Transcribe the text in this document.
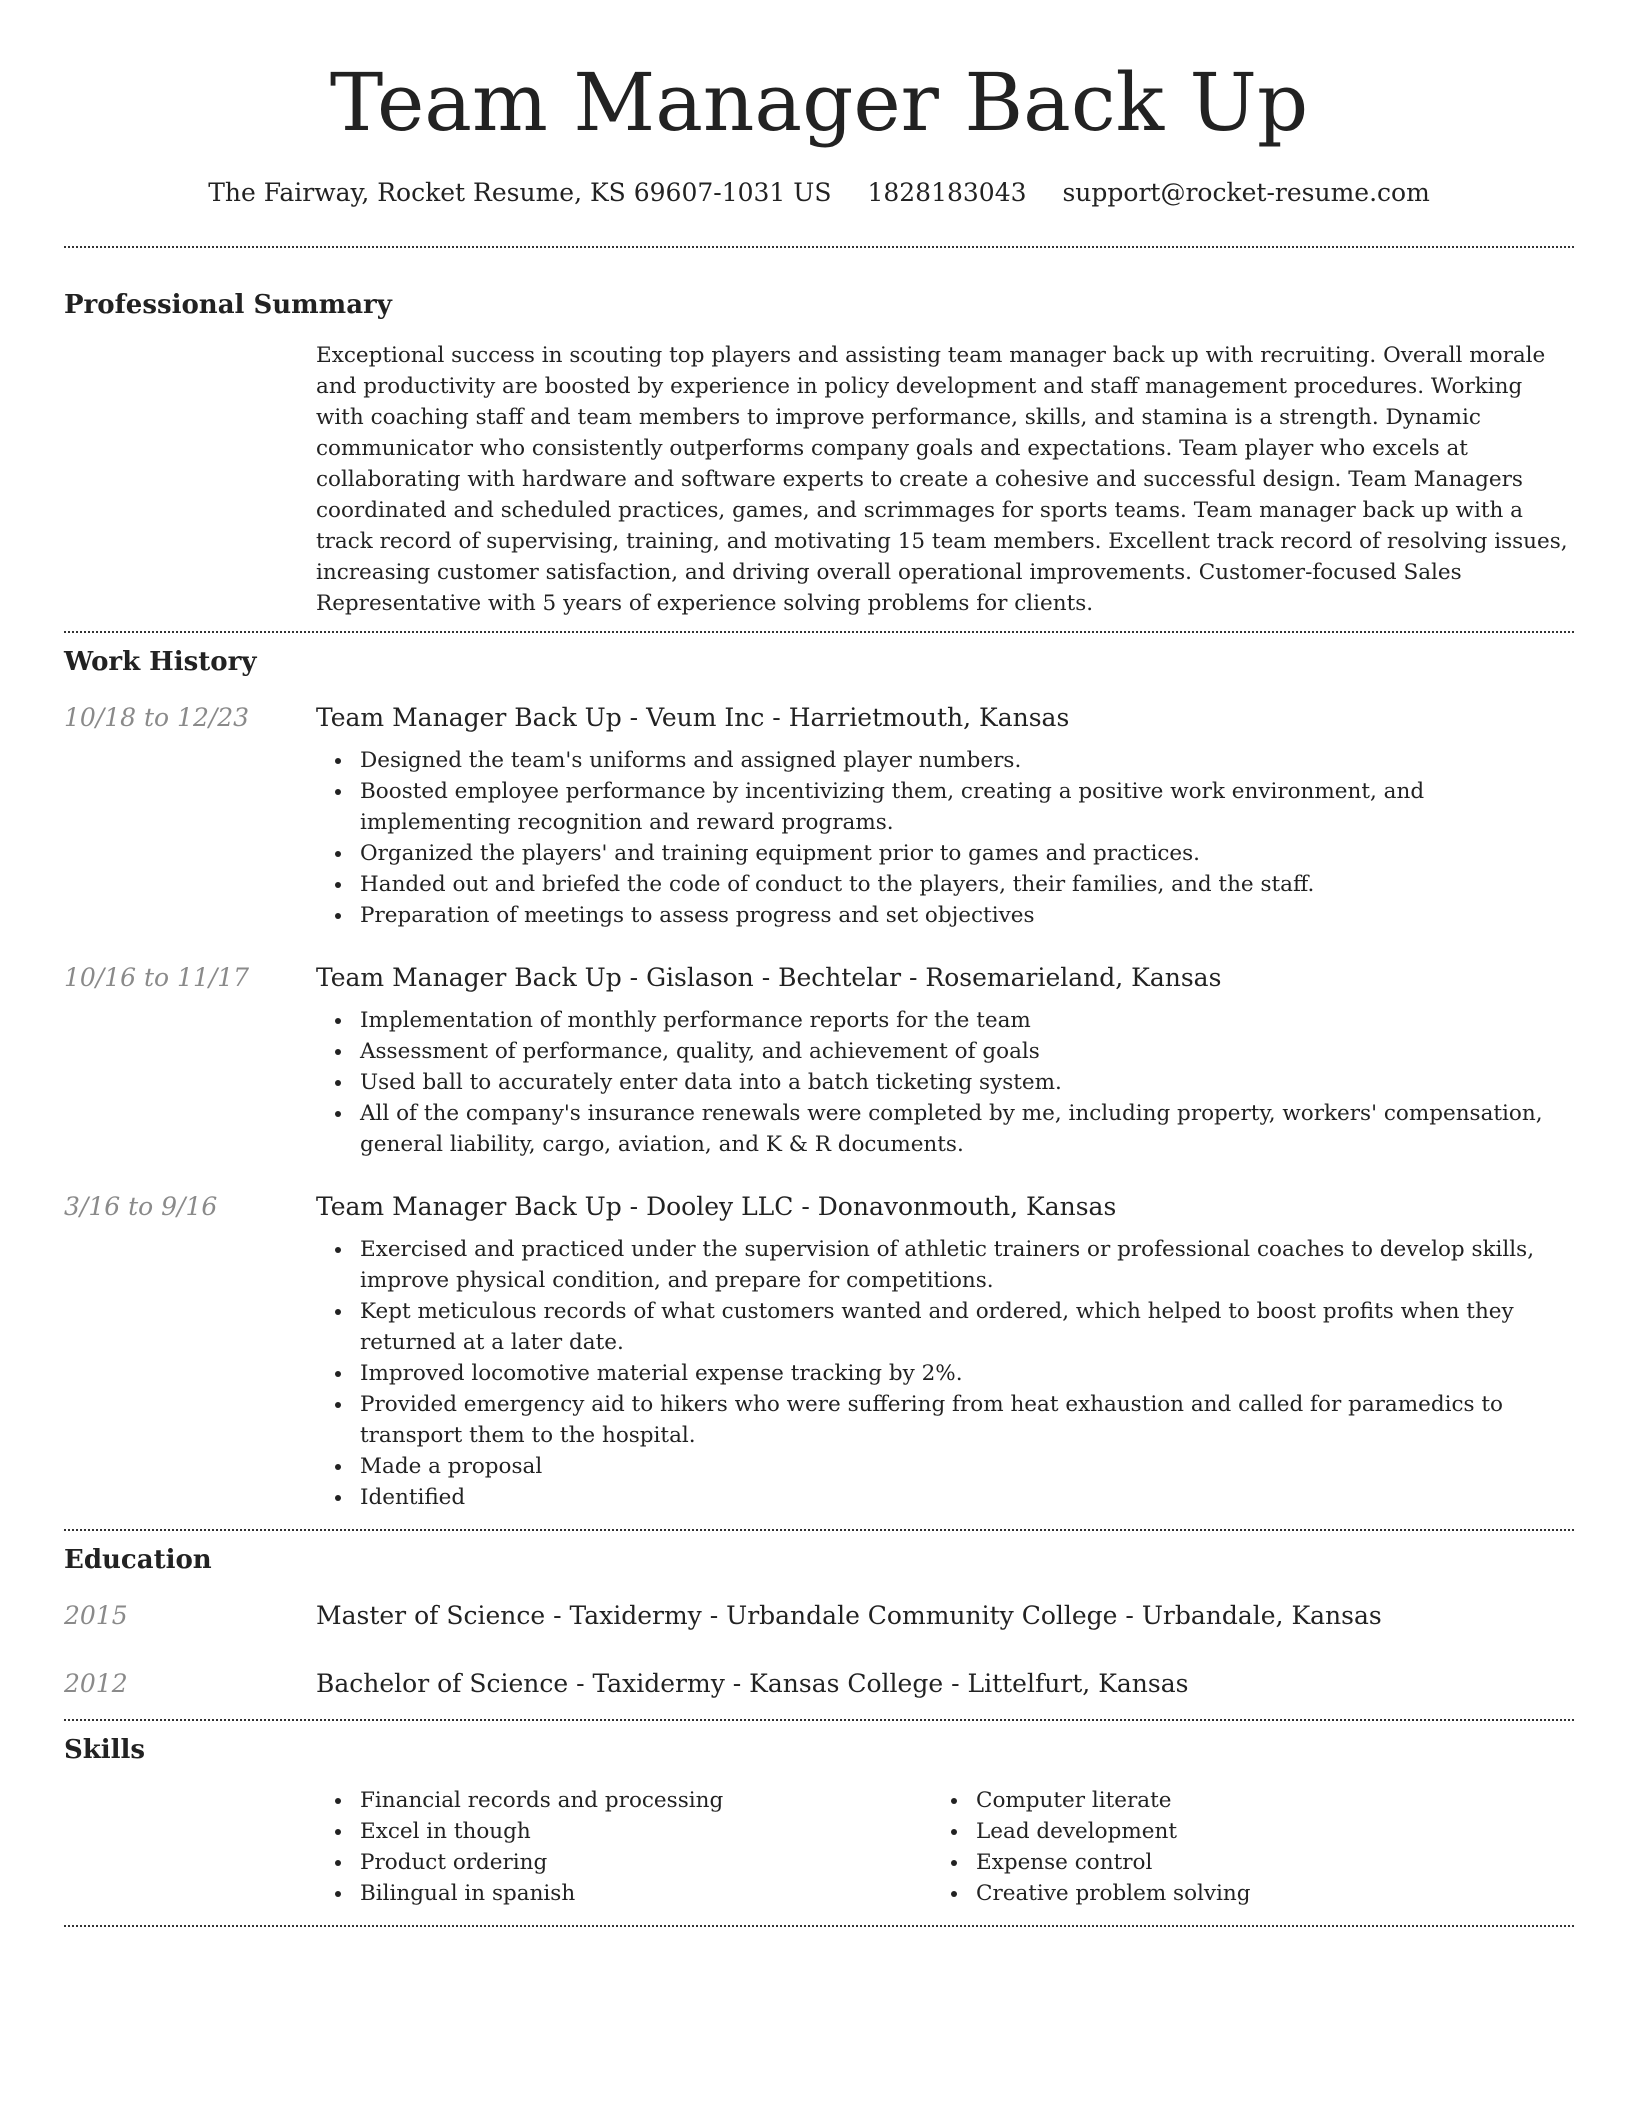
Team Manager Back Up
The Fairway, Rocket Resume, KS 69607-1031 US 1828183043 support@rocket-resume.com
Professional Summary
Exceptional success in scouting top players and assisting team manager back up with recruiting. Overall morale and productivity are boosted by experience in policy development and staff management procedures. Working with coaching staff and team members to improve performance, skills, and stamina is a strength. Dynamic communicator who consistently outperforms company goals and expectations. Team player who excels at collaborating with hardware and software experts to create a cohesive and successful design. Team Managers coordinated and scheduled practices, games, and scrimmages for sports teams. Team manager back up with a track record of supervising, training, and motivating 15 team members. Excellent track record of resolving issues, increasing customer satisfaction, and driving overall operational improvements. Customer-focused Sales Representative with 5 years of experience solving problems for clients.
Work History
10/18 to 12/23	Team Manager Back Up - Veum Inc - Harrietmouth, Kansas
Designed the team's uniforms and assigned player numbers.
Boosted employee performance by incentivizing them, creating a positive work environment, and implementing recognition and reward programs.
Organized the players' and training equipment prior to games and practices.
Handed out and briefed the code of conduct to the players, their families, and the staff.
Preparation of meetings to assess progress and set objectives
10/16 to 11/17	Team Manager Back Up - Gislason - Bechtelar - Rosemarieland, Kansas
Implementation of monthly performance reports for the team
Assessment of performance, quality, and achievement of goals
Used ball to accurately enter data into a batch ticketing system.
All of the company's insurance renewals were completed by me, including property, workers' compensation, general liability, cargo, aviation, and K & R documents.
3/16 to 9/16	Team Manager Back Up - Dooley LLC - Donavonmouth, Kansas
Exercised and practiced under the supervision of athletic trainers or professional coaches to develop skills, improve physical condition, and prepare for competitions.
Kept meticulous records of what customers wanted and ordered, which helped to boost profits when they returned at a later date.
Improved locomotive material expense tracking by 2%.
Provided emergency aid to hikers who were suffering from heat exhaustion and called for paramedics to transport them to the hospital.
Made a proposal
Identified
Education
2015	Master of Science - Taxidermy - Urbandale Community College - Urbandale, Kansas
2012	Bachelor of Science - Taxidermy - Kansas College - Littelfurt, Kansas
Skills
Financial records and processing
Excel in though
Product ordering
Bilingual in spanish
Computer literate
Lead development
Expense control
Creative problem solving
